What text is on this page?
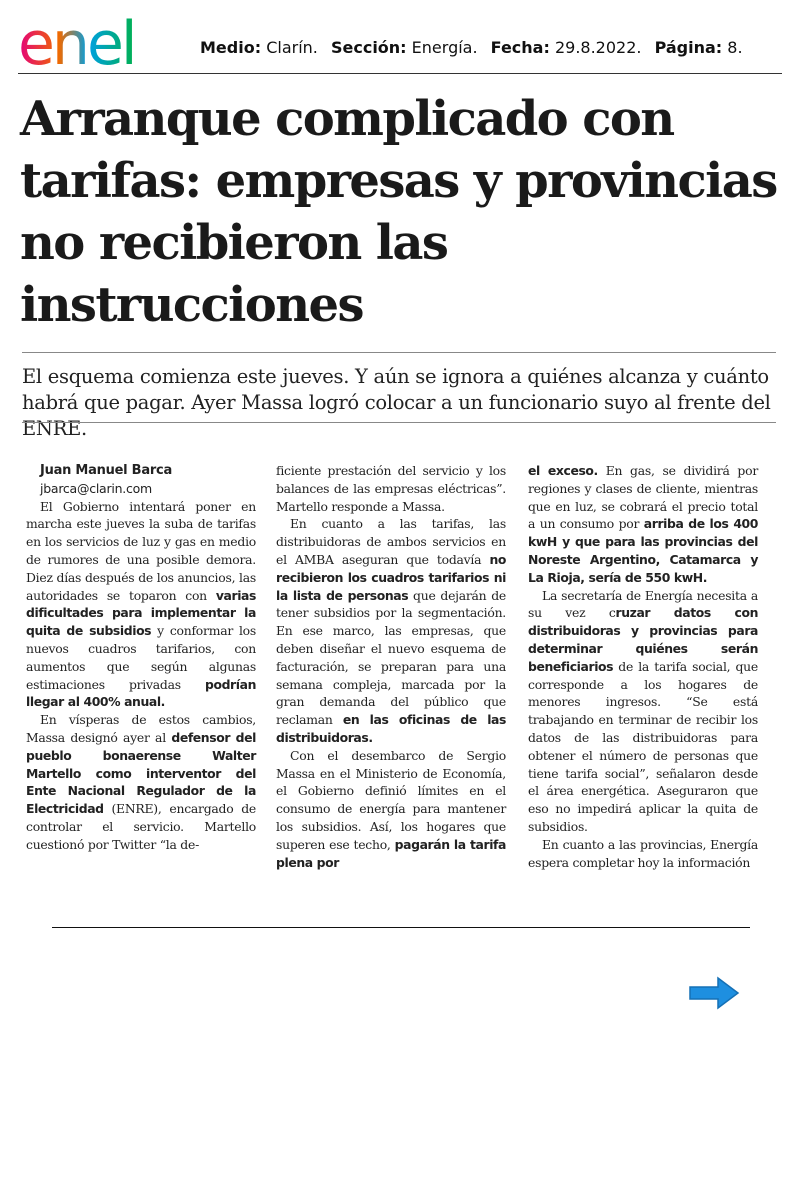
enel	Medio: Clarín. Sección: Energía. Fecha: 29.8.2022. Página: 8.
Arranque complicado con tarifas: empresas y provincias no recibieron las instrucciones

El esquema comienza este jueves. Y aún se ignora a quiénes alcanza y cuánto habrá que pagar. Ayer Massa logró colocar a un funcionario suyo al frente del ENRE.

Juan Manuel Barca

jbarca@clarin.com

El Gobierno intentará poner en marcha este jueves la suba de tarifas en los servicios de luz y gas en medio de rumores de una posible demora. Diez días después de los anuncios, las autoridades se toparon con varias dificultades para implementar la quita de subsidios y conformar los nuevos cuadros tarifarios, con aumentos que según algunas estimaciones privadas podrían llegar al 400% anual.

En vísperas de estos cambios, Massa designó ayer al defensor del pueblo bonaerense Walter Martello como interventor del Ente Nacional Regulador de la Electricidad (ENRE), encargado de controlar el servicio. Martello cuestionó por Twitter “la de-

ficiente prestación del servicio y los balances de las empresas eléctricas”. Martello responde a Massa.

En cuanto a las tarifas, las distribuidoras de ambos servicios en el AMBA aseguran que todavía no recibieron los cuadros tarifarios ni la lista de personas que dejarán de tener subsidios por la segmentación. En ese marco, las empresas, que deben diseñar el nuevo esquema de facturación, se preparan para una semana compleja, marcada por la gran demanda del público que reclaman en las oficinas de las distribuidoras.

Con el desembarco de Sergio Massa en el Ministerio de Economía, el Gobierno definió límites en el consumo de energía para mantener los subsidios. Así, los hogares que superen ese techo, pagarán la tarifa plena por

el exceso. En gas, se dividirá por regiones y clases de cliente, mientras que en luz, se cobrará el precio total a un consumo por arriba de los 400 kwH y que para las provincias del Noreste Argentino, Catamarca y La Rioja, sería de 550 kwH.

La secretaría de Energía necesita a su vez cruzar datos con distribuidoras y provincias para determinar quiénes serán beneficiarios de la tarifa social, que corresponde a los hogares de menores ingresos. “Se está trabajando en terminar de recibir los datos de las distribuidoras para obtener el número de personas que tiene tarifa social”, señalaron desde el área energética. Aseguraron que eso no impedirá aplicar la quita de subsidios.

En cuanto a las provincias, Energía espera completar hoy la información
